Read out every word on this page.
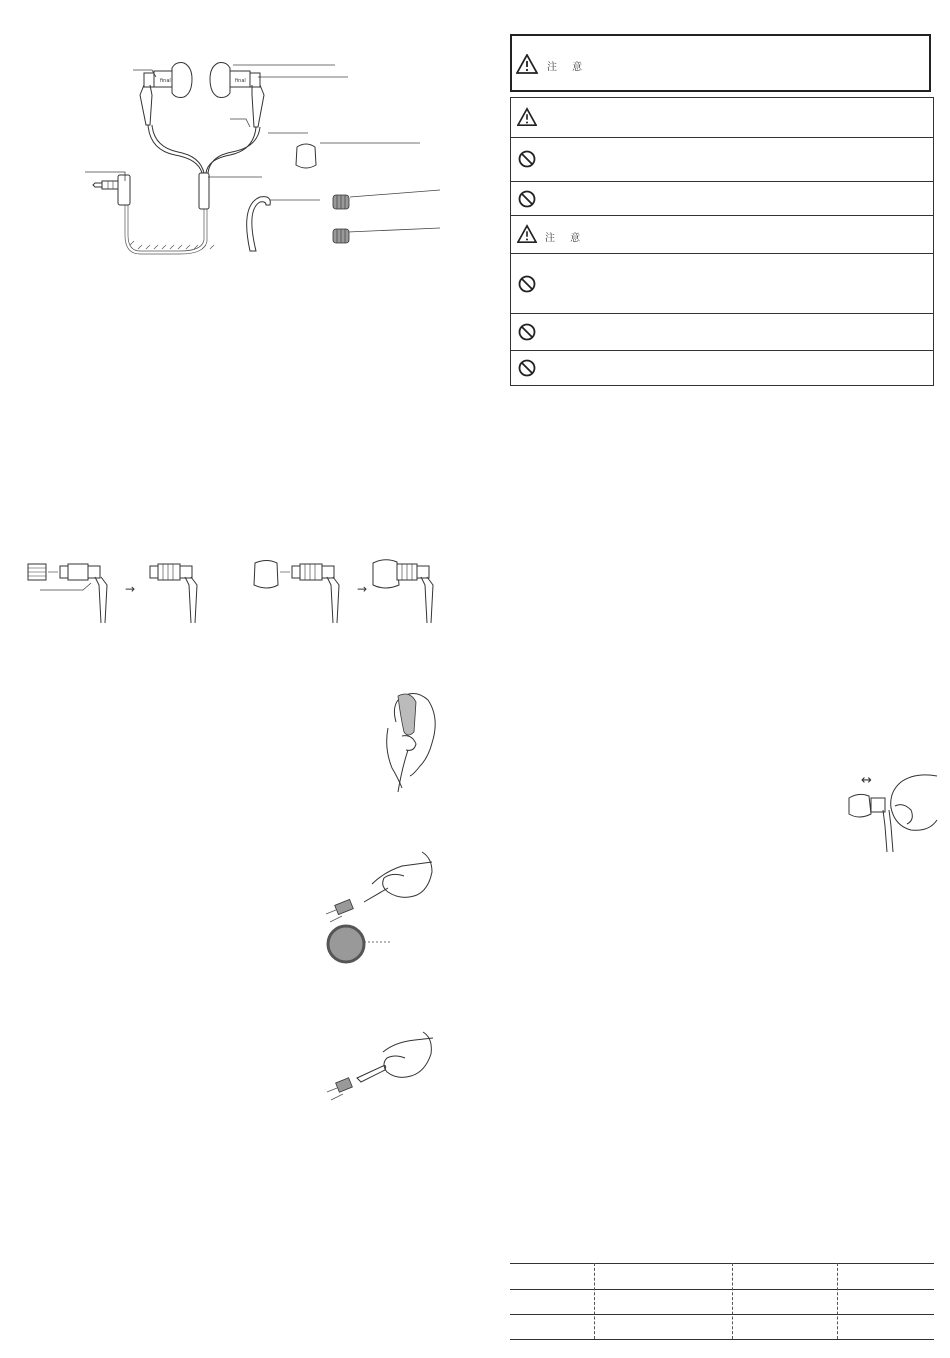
final	final
→	→
注 意
注 意
↔
